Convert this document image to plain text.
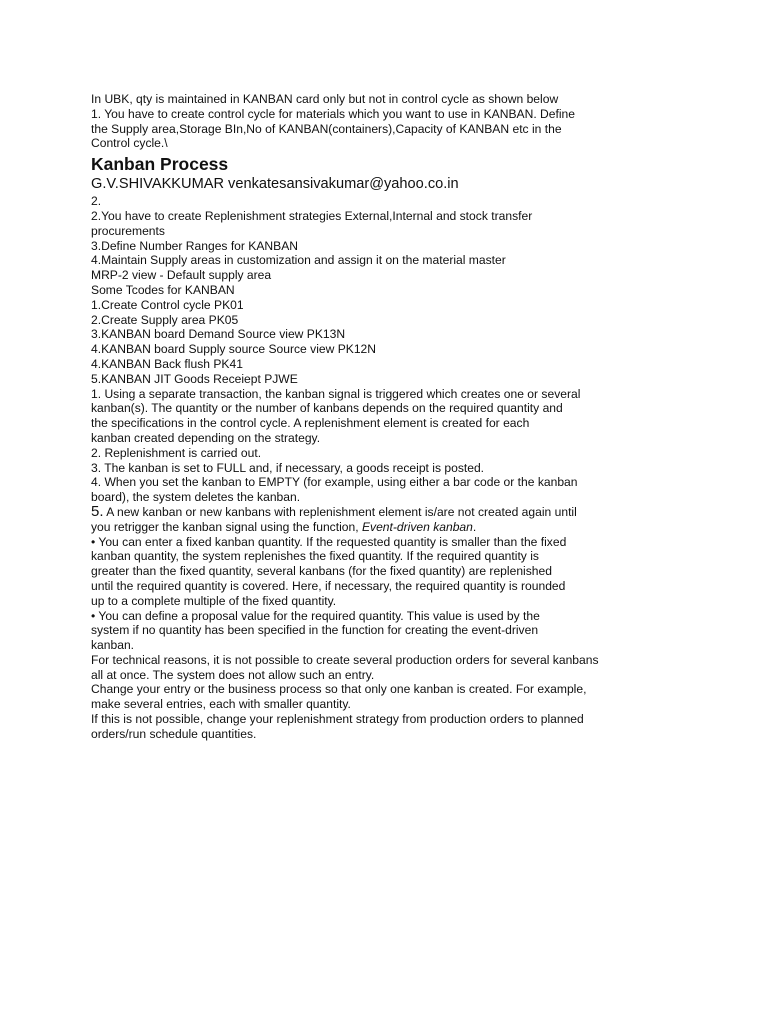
In UBK, qty is maintained in KANBAN card only but not in control cycle as shown below
1. You have to create control cycle for materials which you want to use in KANBAN. Define
the Supply area,Storage BIn,No of KANBAN(containers),Capacity of KANBAN etc in the
Control cycle.\
Kanban Process
G.V.SHIVAKKUMAR venkatesansivakumar@yahoo.co.in
2.
2.You have to create Replenishment strategies External,Internal and stock transfer
procurements
3.Define Number Ranges for KANBAN
4.Maintain Supply areas in customization and assign it on the material master
MRP-2 view - Default supply area
Some Tcodes for KANBAN
1.Create Control cycle PK01
2.Create Supply area PK05
3.KANBAN board Demand Source view PK13N
4.KANBAN board Supply source Source view PK12N
4.KANBAN Back flush PK41
5.KANBAN JIT Goods Receiept PJWE
1. Using a separate transaction, the kanban signal is triggered which creates one or several
kanban(s). The quantity or the number of kanbans depends on the required quantity and
the specifications in the control cycle. A replenishment element is created for each
kanban created depending on the strategy.
2. Replenishment is carried out.
3. The kanban is set to FULL and, if necessary, a goods receipt is posted.
4. When you set the kanban to EMPTY (for example, using either a bar code or the kanban
board), the system deletes the kanban.
5. A new kanban or new kanbans with replenishment element is/are not created again until
you retrigger the kanban signal using the function, Event-driven kanban.
• You can enter a fixed kanban quantity. If the requested quantity is smaller than the fixed
kanban quantity, the system replenishes the fixed quantity. If the required quantity is
greater than the fixed quantity, several kanbans (for the fixed quantity) are replenished
until the required quantity is covered. Here, if necessary, the required quantity is rounded
up to a complete multiple of the fixed quantity.
• You can define a proposal value for the required quantity. This value is used by the
system if no quantity has been specified in the function for creating the event-driven
kanban.
For technical reasons, it is not possible to create several production orders for several kanbans
all at once. The system does not allow such an entry.
Change your entry or the business process so that only one kanban is created. For example,
make several entries, each with smaller quantity.
If this is not possible, change your replenishment strategy from production orders to planned
orders/run schedule quantities.
